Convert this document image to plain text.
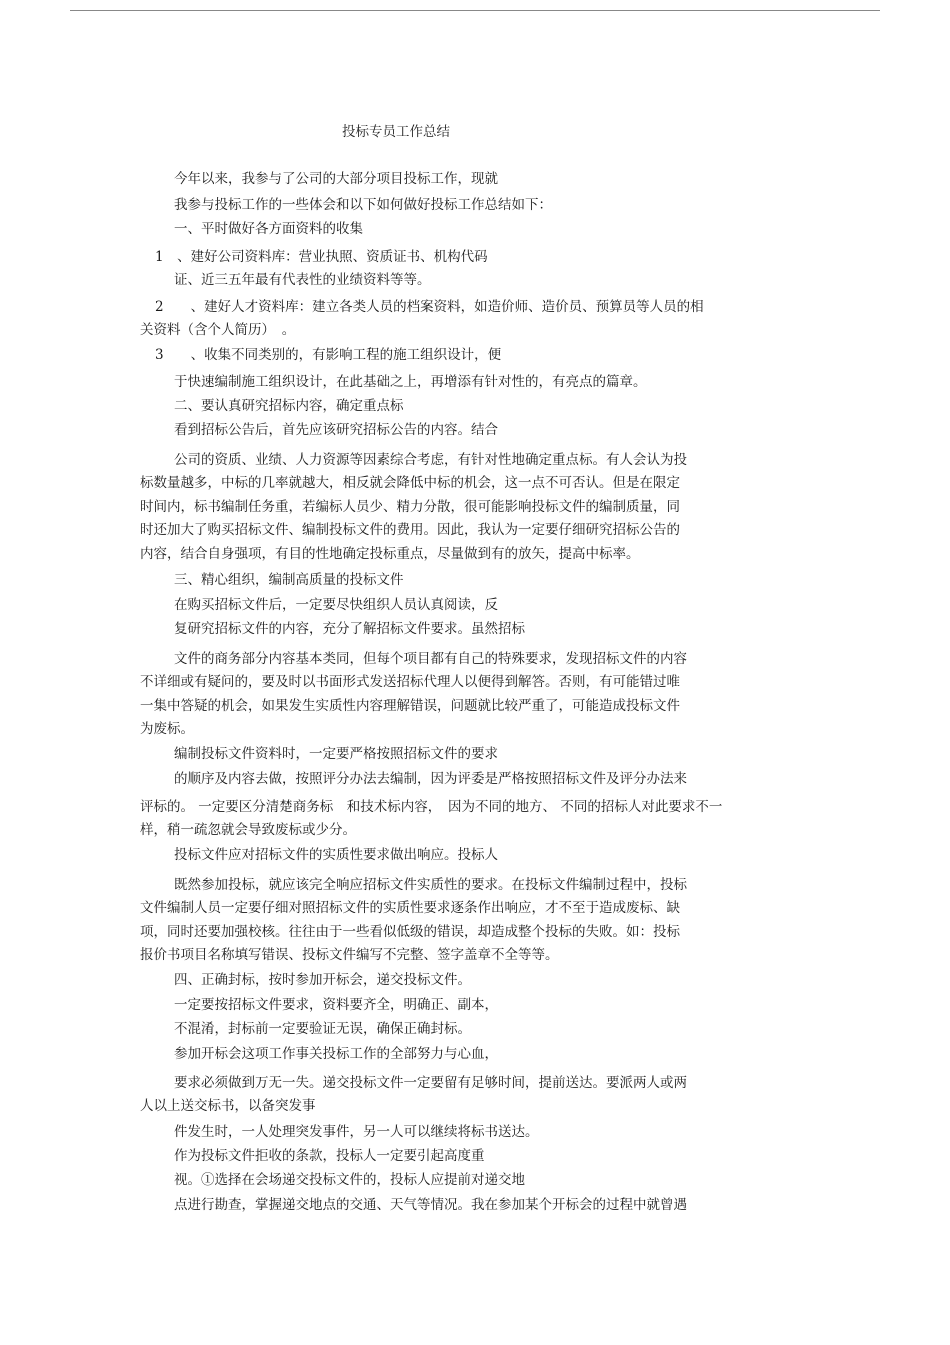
投标专员工作总结
今年以来，我参与了公司的大部分项目投标工作，现就
我参与投标工作的一些体会和以下如何做好投标工作总结如下：
一、平时做好各方面资料的收集
1　、建好公司资料库：营业执照、资质证书、机构代码
证、近三五年最有代表性的业绩资料等等。
2　　、建好人才资料库：建立各类人员的档案资料，如造价师、造价员、预算员等人员的相
关资料（含个人简历）　。
3　　、收集不同类别的，有影响工程的施工组织设计，便
于快速编制施工组织设计，在此基础之上，再增添有针对性的，有亮点的篇章。
二、要认真研究招标内容，确定重点标
看到招标公告后，首先应该研究招标公告的内容。结合
公司的资质、业绩、人力资源等因素综合考虑，有针对性地确定重点标。有人会认为投
标数量越多，中标的几率就越大，相反就会降低中标的机会，这一点不可否认。但是在限定
时间内，标书编制任务重，若编标人员少、精力分散，很可能影响投标文件的编制质量，同
时还加大了购买招标文件、编制投标文件的费用。因此，我认为一定要仔细研究招标公告的
内容，结合自身强项，有目的性地确定投标重点，尽量做到有的放矢，提高中标率。
三、精心组织，编制高质量的投标文件
在购买招标文件后，一定要尽快组织人员认真阅读，反
复研究招标文件的内容，充分了解招标文件要求。虽然招标
文件的商务部分内容基本类同，但每个项目都有自己的特殊要求，发现招标文件的内容
不详细或有疑问的，要及时以书面形式发送招标代理人以便得到解答。否则，有可能错过唯
一集中答疑的机会，如果发生实质性内容理解错误，问题就比较严重了，可能造成投标文件
为废标。
编制投标文件资料时，一定要严格按照招标文件的要求
的顺序及内容去做，按照评分办法去编制，因为评委是严格按照招标文件及评分办法来
评标的。 一定要区分清楚商务标　和技术标内容，　因为不同的地方、 不同的招标人对此要求不一
样，稍一疏忽就会导致废标或少分。
投标文件应对招标文件的实质性要求做出响应。投标人
既然参加投标，就应该完全响应招标文件实质性的要求。在投标文件编制过程中，投标
文件编制人员一定要仔细对照招标文件的实质性要求逐条作出响应，才不至于造成废标、缺
项，同时还要加强校核。往往由于一些看似低级的错误，却造成整个投标的失败。如：投标
报价书项目名称填写错误、投标文件编写不完整、签字盖章不全等等。
四、正确封标，按时参加开标会，递交投标文件。
一定要按招标文件要求，资料要齐全，明确正、副本，
不混淆，封标前一定要验证无误，确保正确封标。
参加开标会这项工作事关投标工作的全部努力与心血，
要求必须做到万无一失。递交投标文件一定要留有足够时间，提前送达。要派两人或两
人以上送交标书，以备突发事
件发生时，一人处理突发事件，另一人可以继续将标书送达。
作为投标文件拒收的条款，投标人一定要引起高度重
视。①选择在会场递交投标文件的，投标人应提前对递交地
点进行勘查，掌握递交地点的交通、天气等情况。我在参加某个开标会的过程中就曾遇
